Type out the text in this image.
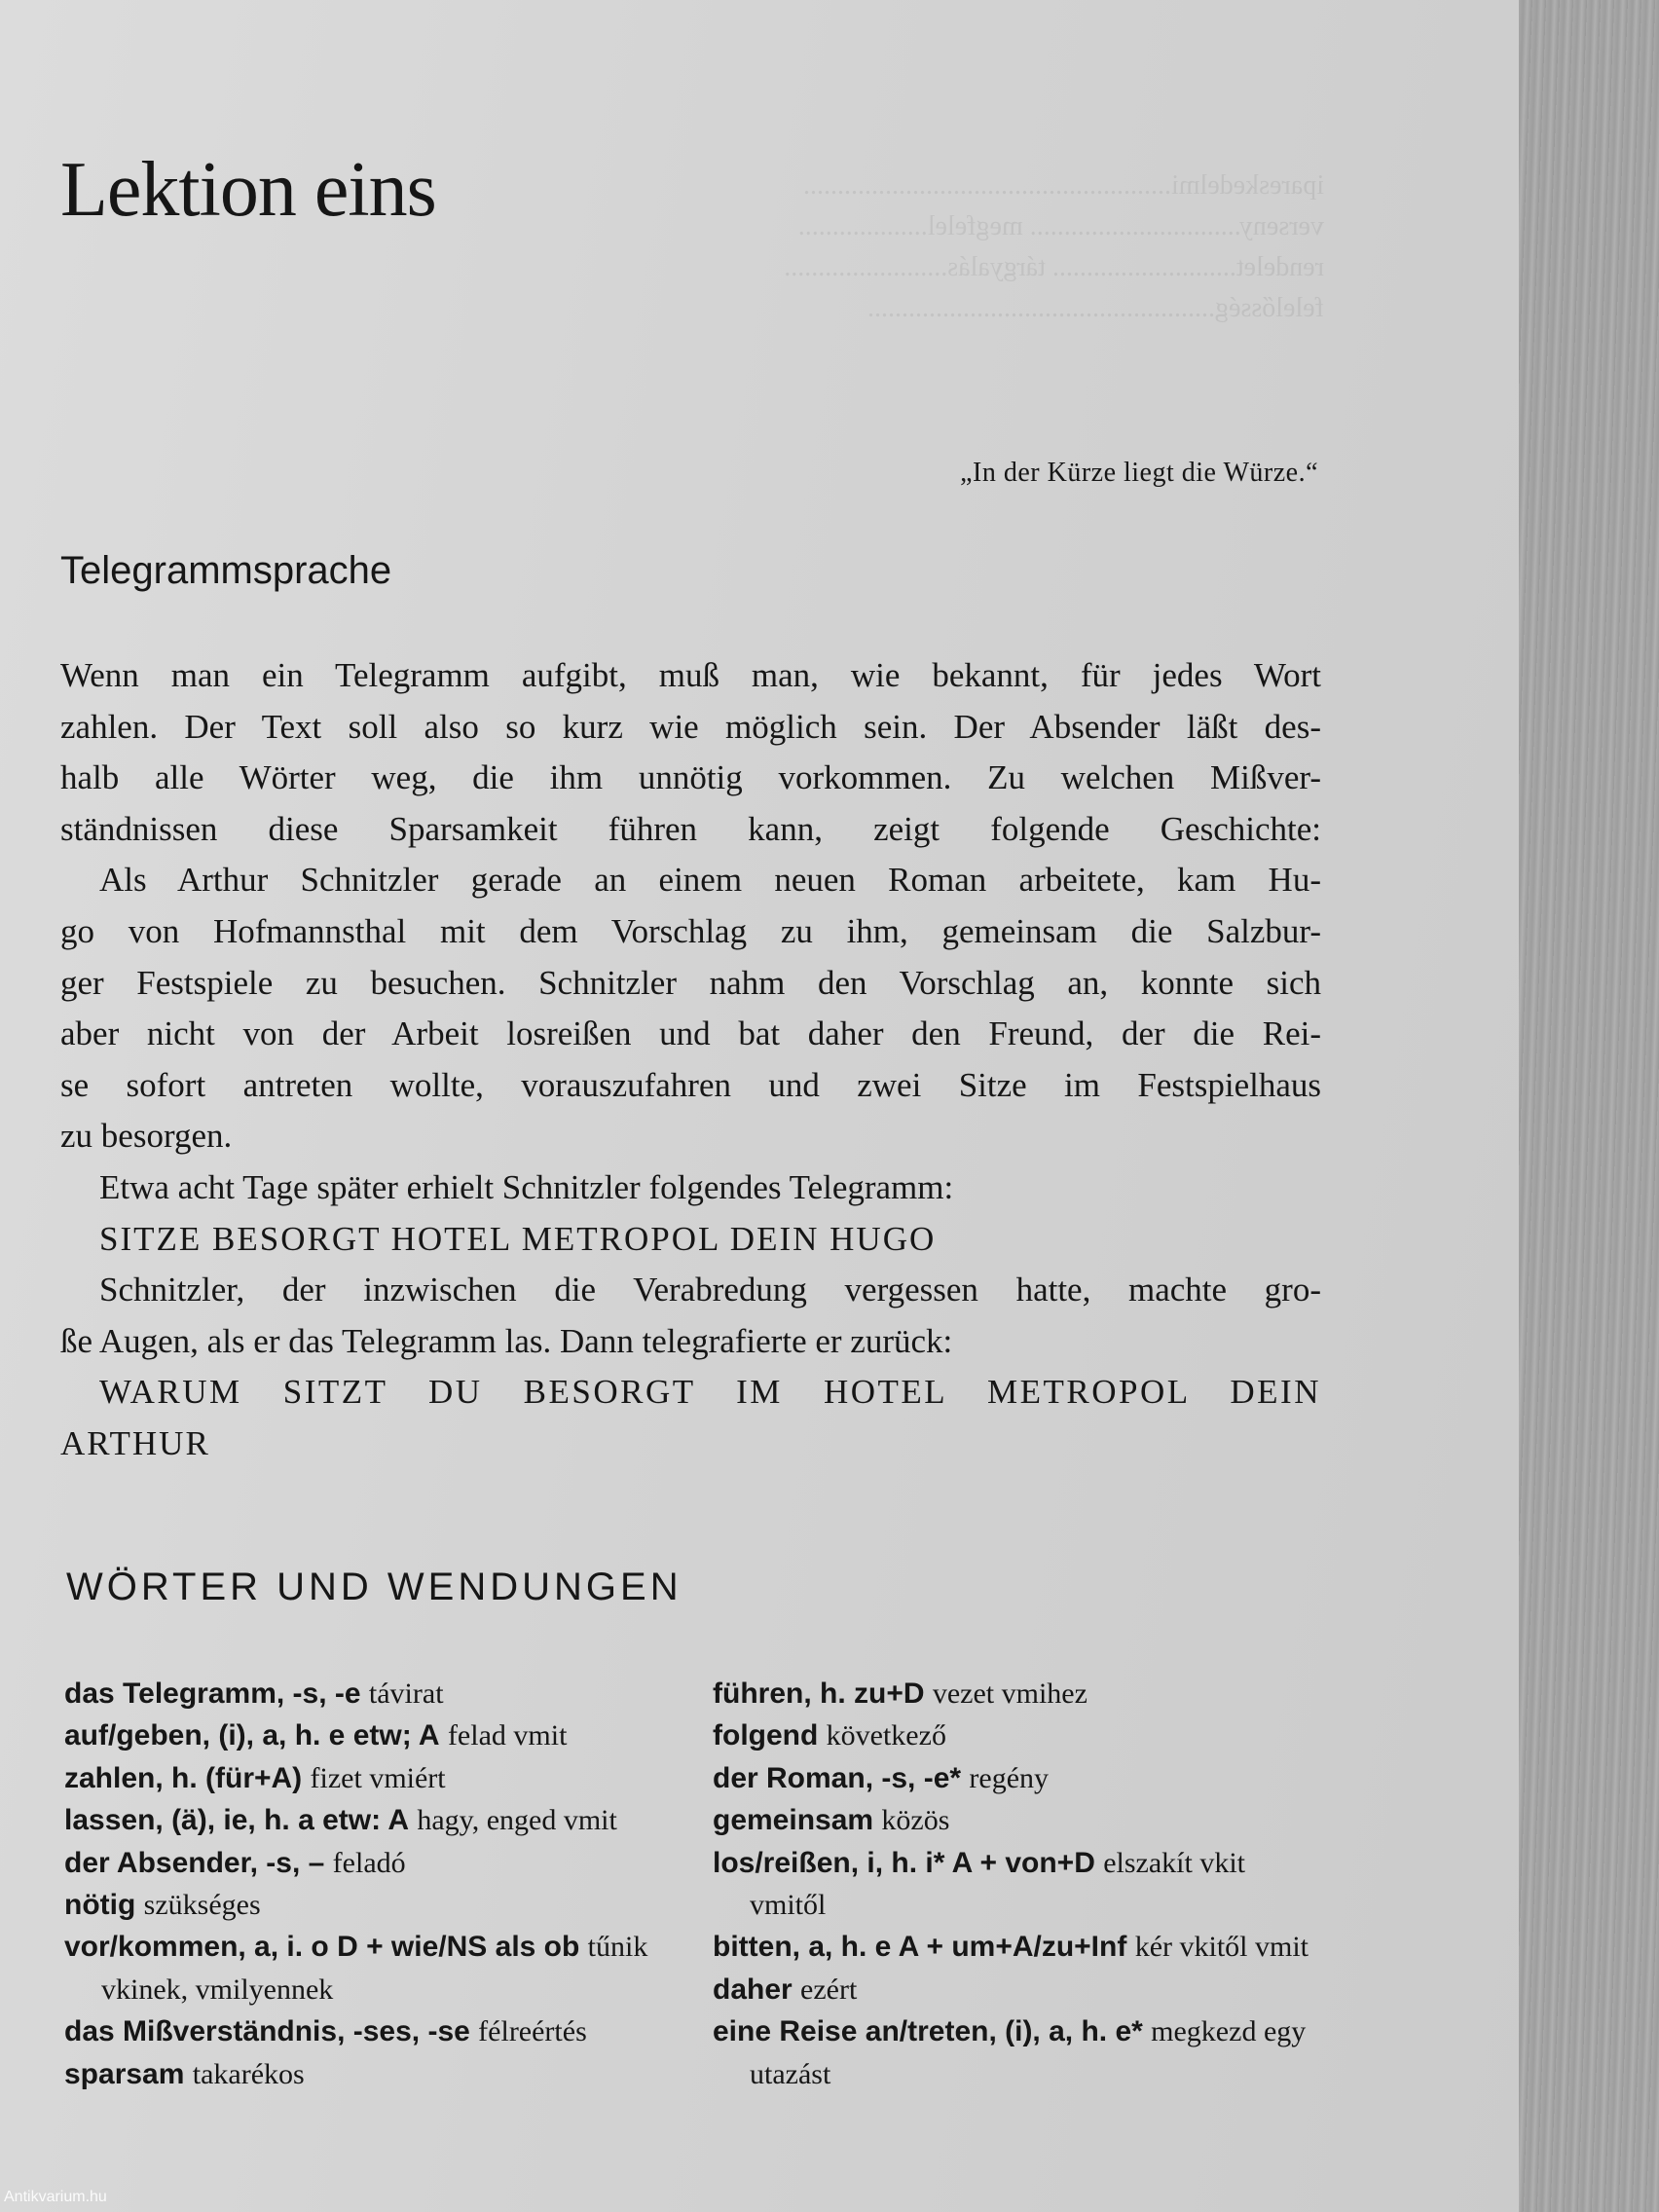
ipareskedelmi...................................................... verseny............................... megfelel................... rendelet........................... tárgyalás........................ felelősség...................................................
Lektion eins
„In der Kürze liegt die Würze.“
Telegrammsprache

Wenn man ein Telegramm aufgibt, muß man, wie bekannt, für jedes Wort

zahlen. Der Text soll also so kurz wie möglich sein. Der Absender läßt des-

halb alle Wörter weg, die ihm unnötig vorkommen. Zu welchen Mißver-

ständnissen diese Sparsamkeit führen kann, zeigt folgende Geschichte:

Als Arthur Schnitzler gerade an einem neuen Roman arbeitete, kam Hu-

go von Hofmannsthal mit dem Vorschlag zu ihm, gemeinsam die Salzbur-

ger Festspiele zu besuchen. Schnitzler nahm den Vorschlag an, konnte sich

aber nicht von der Arbeit losreißen und bat daher den Freund, der die Rei-

se sofort antreten wollte, vorauszufahren und zwei Sitze im Festspielhaus

zu besorgen.

Etwa acht Tage später erhielt Schnitzler folgendes Telegramm:

SITZE BESORGT HOTEL METROPOL DEIN HUGO

Schnitzler, der inzwischen die Verabredung vergessen hatte, machte gro-

ße Augen, als er das Telegramm las. Dann telegrafierte er zurück:

WARUM SITZT DU BESORGT IM HOTEL METROPOL DEIN

ARTHUR

WÖRTER UND WENDUNGEN
das Telegramm, -s, -e távirat
auf/geben, (i), a, h. e etw; A felad vmit
zahlen, h. (für+A) fizet vmiért
lassen, (ä), ie, h. a etw: A hagy, enged vmit
der Absender, -s, – feladó
nötig szükséges
vor/kommen, a, i. o D + wie/NS als ob tűnik vkinek, vmilyennek
das Mißverständnis, -ses, -se félreértés
sparsam takarékos
führen, h. zu+D vezet vmihez
folgend következő
der Roman, -s, -e* regény
gemeinsam közös
los/reißen, i, h. i* A + von+D elszakít vkit vmitől
bitten, a, h. e A + um+A/zu+Inf kér vkitől vmit
daher ezért
eine Reise an/treten, (i), a, h. e* megkezd egy utazást
Antikvarium.hu
